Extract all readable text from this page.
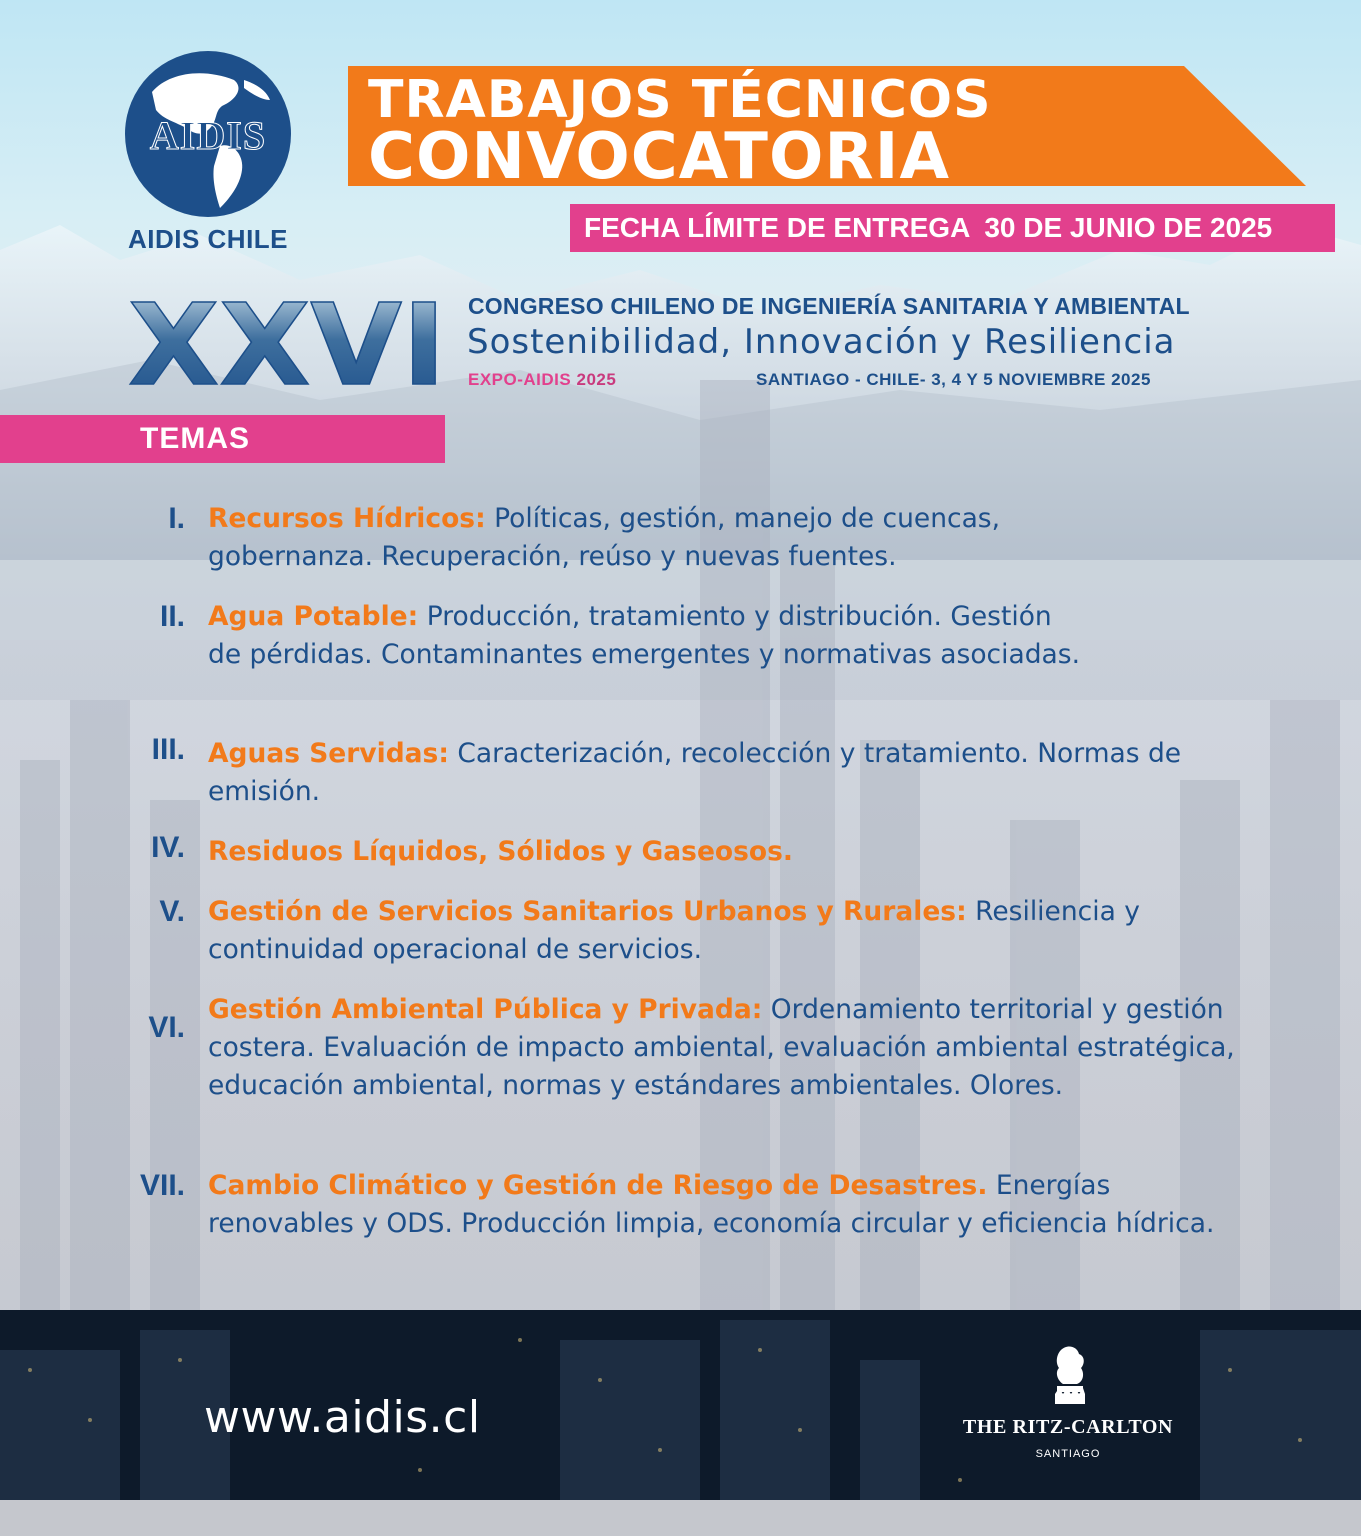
AIDIS
AIDIS CHILE
TRABAJOS TÉCNICOS
CONVOCATORIA
FECHA LÍMITE DE ENTREGA 30 DE JUNIO DE 2025
XXVI CONGRESO CHILENO DE INGENIERÍA SANITARIA Y AMBIENTAL
Sostenibilidad, Innovación y Resiliencia
EXPO-AIDIS 2025	SANTIAGO - CHILE- 3, 4 Y 5 NOVIEMBRE 2025
TEMAS
I. Recursos Hídricos: Políticas, gestión, manejo de cuencas, gobernanza. Recuperación, reúso y nuevas fuentes.
II. Agua Potable: Producción, tratamiento y distribución. Gestión de pérdidas. Contaminantes emergentes y normativas asociadas.
III. Aguas Servidas: Caracterización, recolección y tratamiento. Normas de emisión.
IV. Residuos Líquidos, Sólidos y Gaseosos.
V. Gestión de Servicios Sanitarios Urbanos y Rurales: Resiliencia y continuidad operacional de servicios.
VI.
Gestión Ambiental Pública y Privada: Ordenamiento territorial y gestión costera. Evaluación de impacto ambiental, evaluación ambiental estratégica, educación ambiental, normas y estándares ambientales. Olores.
VII. Cambio Climático y Gestión de Riesgo de Desastres. Energías renovables y ODS. Producción limpia, economía circular y eficiencia hídrica.
www.aidis.cl	THE RITZ-CARLTON
SANTIAGO
